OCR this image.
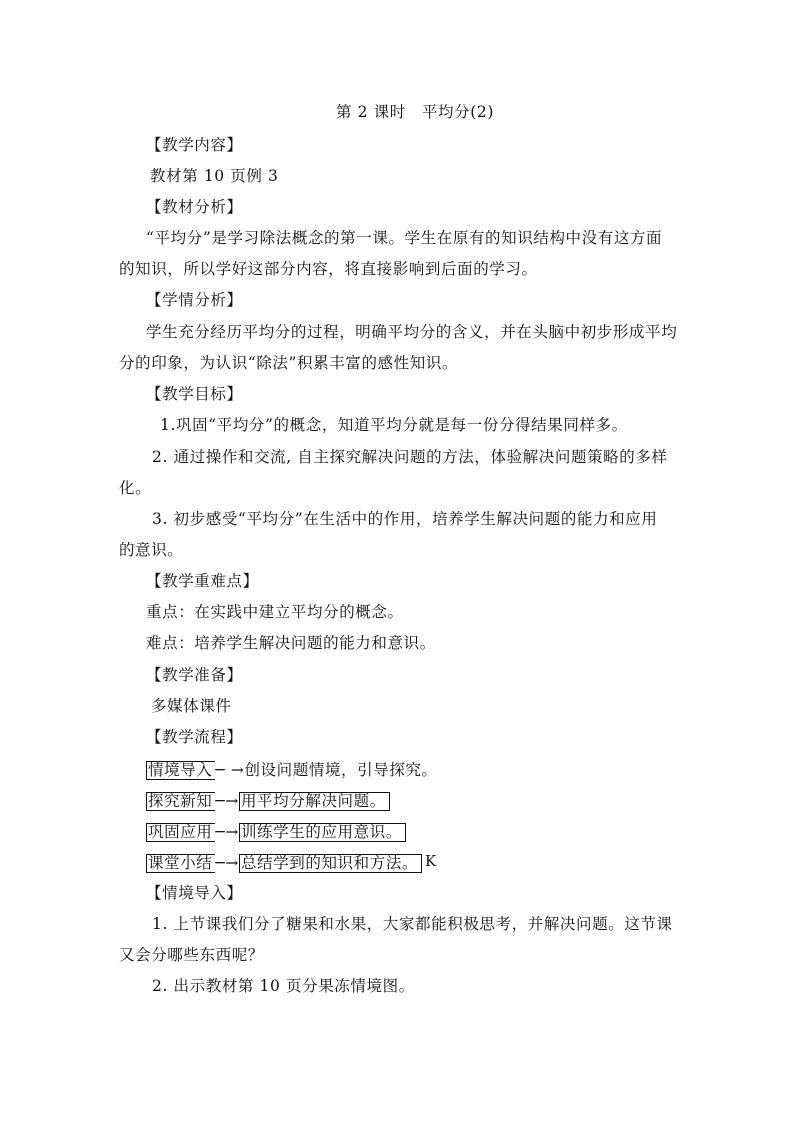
第 2 课时　平均分(2)
【教学内容】
教材第 10 页例 3
【教材分析】
“平均分”是学习除法概念的第一课。学生在原有的知识结构中没有这方面
的知识，所以学好这部分内容，将直接影响到后面的学习。
【学情分析】
学生充分经历平均分的过程，明确平均分的含义，并在头脑中初步形成平均
分的印象，为认识“除法”积累丰富的感性知识。
【教学目标】
1.巩固“平均分”的概念，知道平均分就是每一份分得结果同样多。
2. 通过操作和交流, 自主探究解决问题的方法，体验解决问题策略的多样
化。
3. 初步感受“平均分”在生活中的作用，培养学生解决问题的能力和应用
的意识。
【教学重难点】
重点：在实践中建立平均分的概念。
难点：培养学生解决问题的能力和意识。
【教学准备】
多媒体课件
【教学流程】
情境导入 ─ → 创设问题情境，引导探究。
探究新知 ─→ 用平均分解决问题。
巩固应用 ─→ 训练学生的应用意识。
课堂小结 ─→ 总结学到的知识和方法。 K
【情境导入】
1. 上节课我们分了糖果和水果，大家都能积极思考，并解决问题。这节课
又会分哪些东西呢？
2. 出示教材第 10 页分果冻情境图。
